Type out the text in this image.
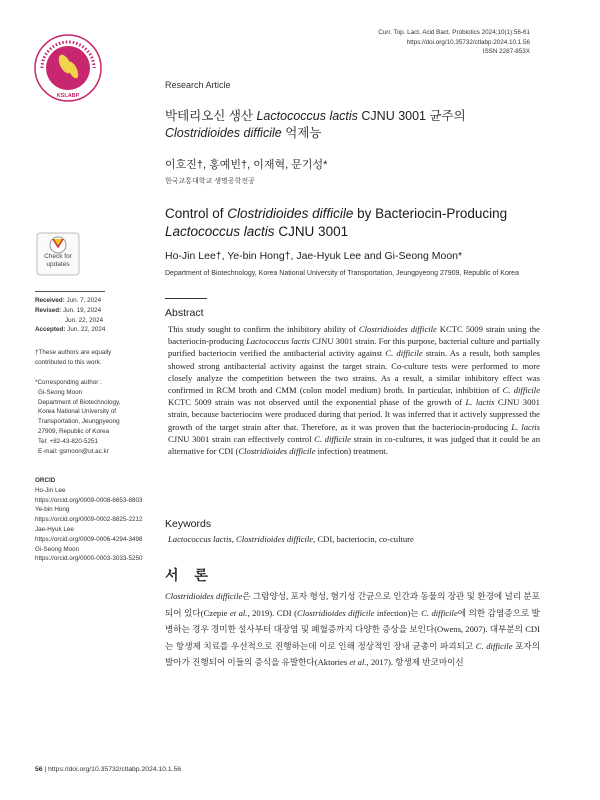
Curr. Top. Lact. Acid Bact. Probiotics 2024;10(1):56-61
https://doi.org/10.35732/ctlabp.2024.10.1.56
ISSN 2287-853X
KSLABP
Research Article
박테리오신 생산 Lactococcus lactis CJNU 3001 균주의
Clostridioides difficile 억제능
이호진†, 홍예빈†, 이재혁, 문기성*
한국교통대학교 생명공학전공
Control of Clostridioides difficile by Bacteriocin-Producing
Lactococcus lactis CJNU 3001
Ho-Jin Lee†, Ye-bin Hong†, Jae-Hyuk Lee and Gi-Seong Moon*
Department of Biotechnology, Korea National University of Transportation, Jeungpyeong 27909, Republic of Korea
Abstract
This study sought to confirm the inhibitory ability of Clostridioides difficile KCTC 5009 strain using the bacteriocin-producing Lactococcus lactis CJNU 3001 strain. For this purpose, bacterial culture and partially purified bacteriocin verified the antibacterial activity against C. difficile strain. As a result, both samples showed strong antibacterial activity against the target strain. Co-culture tests were performed to more closely analyze the competition between the two strains. As a result, a similar inhibitory effect was confirmed in RCM broth and CMM (colon model medium) broth. In particular, inhibition of C. difficile KCTC 5009 strain was not observed until the exponential phase of the growth of L. lactis CJNU 3001 strain, because bacteriocins were produced during that period. It was inferred that it actively suppressed the growth of the target strain after that. Therefore, as it was proven that the bacteriocin-producing L. lactis CJNU 3001 strain can effectively control C. difficile strain in co-cultures, it was judged that it could be an alternative for CDI (Clostridioides difficile infection) treatment.
Keywords
Lactococcus lactis, Clostridioides difficile, CDI, bacteriocin, co-culture
서 론
Clostridioides difficile은 그람양성, 포자 형성, 혐기성 간균으로 인간과 동물의 장관 및 환경에 널리 분포되어 있다(Czepie et al., 2019). CDI (Clostridioides difficile infection)는 C. difficile에 의한 감염증으로 발병하는 경우 경미한 설사부터 대장염 및 폐혈증까지 다양한 증상을 보인다(Owens, 2007). 대부분의 CDI는 항생제 치료를 우선적으로 진행하는데 이로 인해 정상적인 장내 균총이 파괴되고 C. difficile 포자의 발아가 진행되어 이들의 증식을 유발한다(Aktories et al., 2017). 항생제 반코마이신
Check for
updates
Received: Jun. 7, 2024
Revised: Jun. 19, 2024
Jun. 22, 2024
Accepted: Jun. 22, 2024
†These authors are equally contributed to this work.
*Corresponding author :
Gi-Seong Moon
Department of Biotechnology,
Korea National University of
Transportation, Jeungpyeong
27909, Republic of Korea
Tel: +82-43-820-5251
E-mail: gsmoon@ut.ac.kr
ORCID
Ho-Jin Lee
https://orcid.org/0009-0008-6653-8803
Ye-bin Hong
https://orcid.org/0009-0002-8825-2212
Jae-Hyuk Lee
https://orcid.org/0009-0006-4294-3498
Gi-Seong Moon
https://orcid.org/0000-0003-3033-5250
56 | https://doi.org/10.35732/ctlabp.2024.10.1.56
